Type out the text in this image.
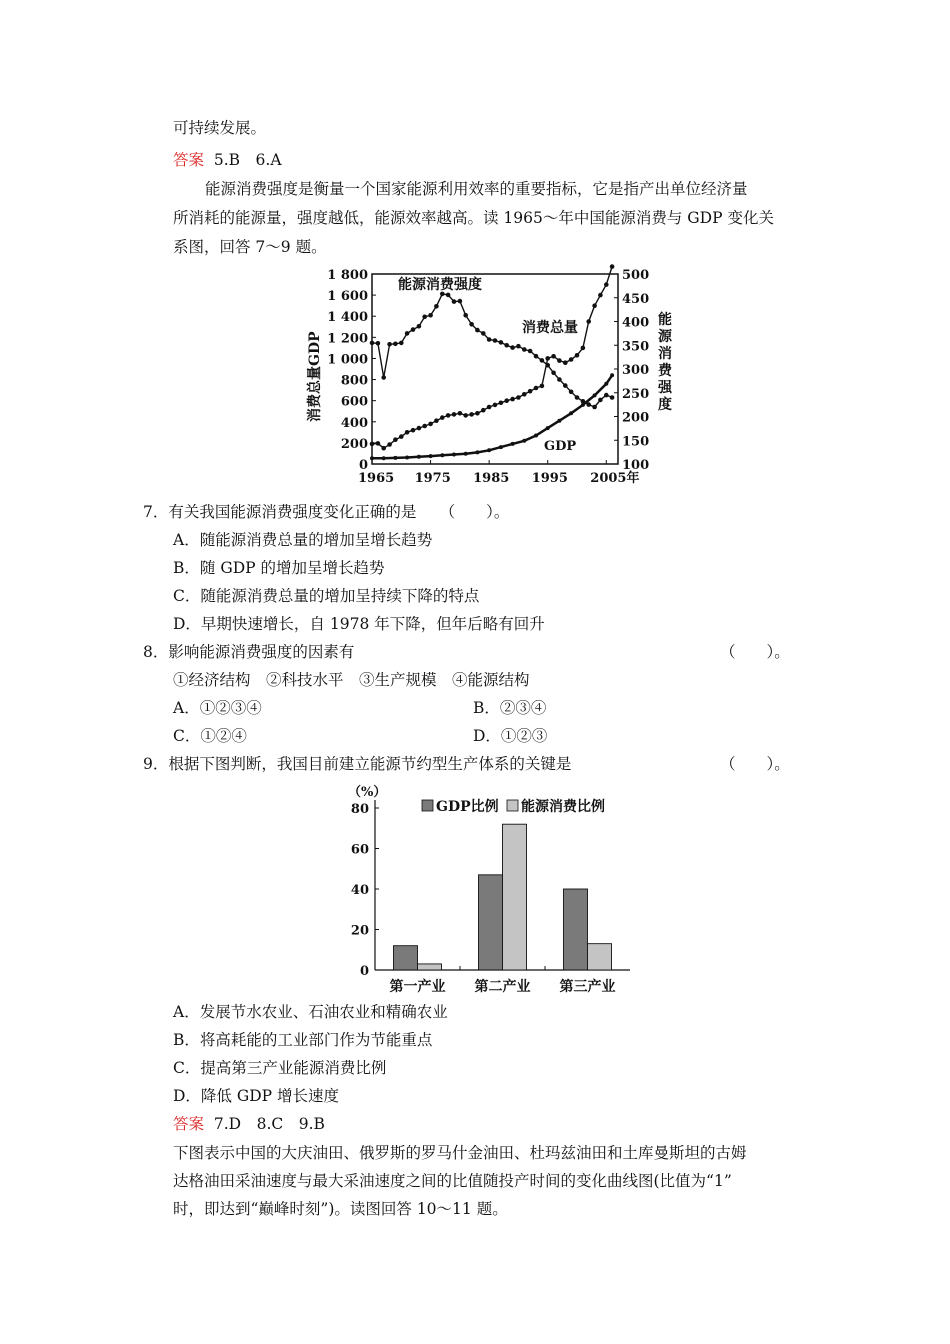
可持续发展。
答案 5.B　6.A
能源消费强度是衡量一个国家能源利用效率的重要指标，它是指产出单位经济量
所消耗的能源量，强度越低，能源效率越高。读 1965～年中国能源消费与 GDP 变化关
系图，回答 7～9 题。
0
200
400
600
800
1 000
1 200
1 400
1 600
1 800
100
150
200
250
300
350
400
450
500
1965 1975 1985 1995 2005年
能源消费强度
消费总量
GDP
消费总量GDP
能源消费强度
7．有关我国能源消费强度变化正确的是　　（　　）。
A．随能源消费总量的增加呈增长趋势
B．随 GDP 的增加呈增长趋势
C．随能源消费总量的增加呈持续下降的特点
D．早期快速增长，自 1978 年下降，但年后略有回升
8．影响能源消费强度的因素有	（　　）。
①经济结构　②科技水平　③生产规模　④能源结构
A．①②③④	B．②③④
C．①②④	D．①②③
9．根据下图判断，我国目前建立能源节约型生产体系的关键是	（　　）。
（%）
GDP比例 能源消费比例
0
20
40
60
80
第一产业 第二产业 第三产业
A．发展节水农业、石油农业和精确农业
B．将高耗能的工业部门作为节能重点
C．提高第三产业能源消费比例
D．降低 GDP 增长速度
答案 7.D　8.C　9.B
下图表示中国的大庆油田、俄罗斯的罗马什金油田、杜玛兹油田和土库曼斯坦的古姆
达格油田采油速度与最大采油速度之间的比值随投产时间的变化曲线图(比值为“1”
时，即达到“巅峰时刻”)。读图回答 10～11 题。
